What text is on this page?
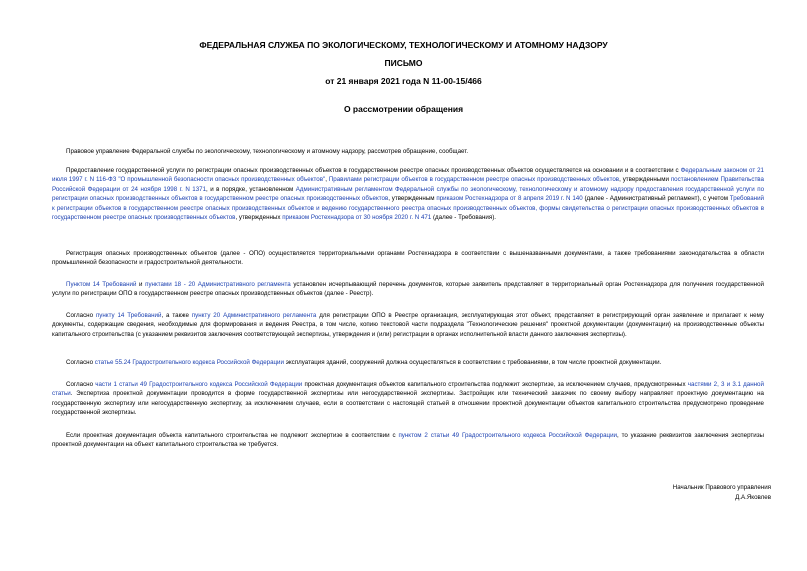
ФЕДЕРАЛЬНАЯ СЛУЖБА ПО ЭКОЛОГИЧЕСКОМУ, ТЕХНОЛОГИЧЕСКОМУ И АТОМНОМУ НАДЗОРУ
ПИСЬМО
от 21 января 2021 года N 11-00-15/466
О рассмотрении обращения
Правовое управление Федеральной службы по экологическому, технологическому и атомному надзору, рассмотрев обращение, сообщает.
Предоставление государственной услуги по регистрации опасных производственных объектов в государственном реестре опасных производственных объектов осуществляется на основании и в соответствии с Федеральным законом от 21 июля 1997 г. N 116-ФЗ "О промышленной безопасности опасных производственных объектов", Правилами регистрации объектов в государственном реестре опасных производственных объектов, утвержденными постановлением Правительства Российской Федерации от 24 ноября 1998 г. N 1371, и в порядке, установленном Административным регламентом Федеральной службы по экологическому, технологическому и атомному надзору предоставления государственной услуги по регистрации опасных производственных объектов в государственном реестре опасных производственных объектов, утвержденным приказом Ростехнадзора от 8 апреля 2019 г. N 140 (далее - Административный регламент), с учетом Требований к регистрации объектов в государственном реестре опасных производственных объектов и ведению государственного реестра опасных производственных объектов, формы свидетельства о регистрации опасных производственных объектов в государственном реестре опасных производственных объектов, утвержденных приказом Ростехнадзора от 30 ноября 2020 г. N 471 (далее - Требования).
Регистрация опасных производственных объектов (далее - ОПО) осуществляется территориальными органами Ростехнадзора в соответствии с вышеназванными документами, а также требованиями законодательства в области промышленной безопасности и градостроительной деятельности.
Пунктом 14 Требований и пунктами 18 - 20 Административного регламента установлен исчерпывающий перечень документов, которые заявитель представляет в территориальный орган Ростехнадзора для получения государственной услуги по регистрации ОПО в государственном реестре опасных производственных объектов (далее - Реестр).
Согласно пункту 14 Требований, а также пункту 20 Административного регламента для регистрации ОПО в Реестре организация, эксплуатирующая этот объект, представляет в регистрирующий орган заявление и прилагает к нему документы, содержащие сведения, необходимые для формирования и ведения Реестра, в том числе, копию текстовой части подраздела "Технологические решения" проектной документации (документации) на производственные объекты капитального строительства (с указанием реквизитов заключения соответствующей экспертизы, утверждения и (или) регистрации в органах исполнительной власти данного заключения экспертизы).
Согласно статье 55.24 Градостроительного кодекса Российской Федерации эксплуатация зданий, сооружений должна осуществляться в соответствии с требованиями, в том числе проектной документации.
Согласно части 1 статьи 49 Градостроительного кодекса Российской Федерации проектная документация объектов капитального строительства подлежит экспертизе, за исключением случаев, предусмотренных частями 2, 3 и 3.1 данной статьи. Экспертиза проектной документации проводится в форме государственной экспертизы или негосударственной экспертизы. Застройщик или технический заказчик по своему выбору направляет проектную документацию на государственную экспертизу или негосударственную экспертизу, за исключением случаев, если в соответствии с настоящей статьей в отношении проектной документации объектов капитального строительства предусмотрено проведение государственной экспертизы.
Если проектная документация объекта капитального строительства не подлежит экспертизе в соответствии с пунктом 2 статьи 49 Градостроительного кодекса Российской Федерации, то указание реквизитов заключения экспертизы проектной документации на объект капитального строительства не требуется.
Начальник Правового управления
Д.А.Яковлев
